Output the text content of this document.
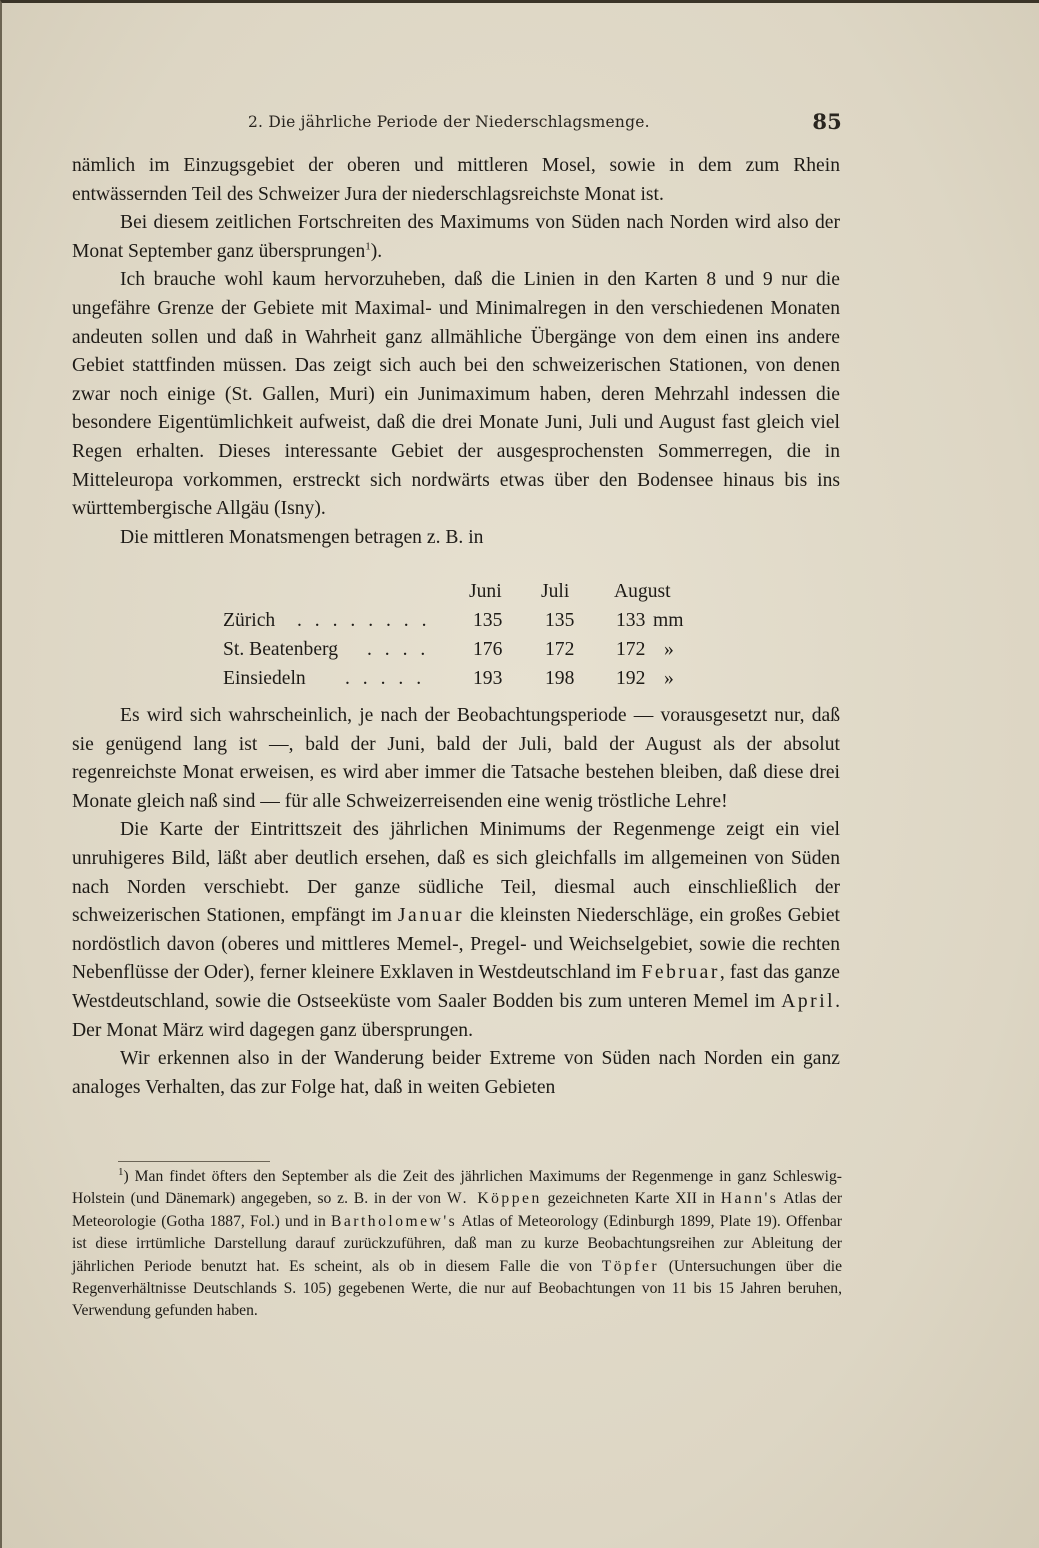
2. Die jährliche Periode der Niederschlagsmenge.	85

nämlich im Einzugsgebiet der oberen und mittleren Mosel, sowie in dem zum Rhein entwässernden Teil des Schweizer Jura der niederschlagsreichste Monat ist.

Bei diesem zeitlichen Fortschreiten des Maximums von Süden nach Norden wird also der Monat September ganz übersprungen$^1$).

Ich brauche wohl kaum hervorzuheben, daß die Linien in den Karten 8 und 9 nur die ungefähre Grenze der Gebiete mit Maximal- und Minimalregen in den verschiedenen Monaten andeuten sollen und daß in Wahrheit ganz allmähliche Übergänge von dem einen ins andere Gebiet stattfinden müssen. Das zeigt sich auch bei den schweizerischen Stationen, von denen zwar noch einige (St. Gallen, Muri) ein Junimaximum haben, deren Mehrzahl indessen die besondere Eigentümlichkeit aufweist, daß die drei Monate Juni, Juli und August fast gleich viel Regen erhalten. Dieses interessante Gebiet der ausgesprochensten Sommerregen, die in Mitteleuropa vorkommen, erstreckt sich nordwärts etwas über den Bodensee hinaus bis ins württembergische Allgäu (Isny).

Die mittleren Monatsmengen betragen z. B. in

Juni Juli August
Zürich . . . . . . . . 135 135 133 mm
St. Beatenberg . . . . 176 172 172 »
Einsiedeln . . . . . 193 198 192 »

Es wird sich wahrscheinlich, je nach der Beobachtungsperiode — vorausgesetzt nur, daß sie genügend lang ist —, bald der Juni, bald der Juli, bald der August als der absolut regenreichste Monat erweisen, es wird aber immer die Tatsache bestehen bleiben, daß diese drei Monate gleich naß sind — für alle Schweizerreisenden eine wenig tröstliche Lehre!

Die Karte der Eintrittszeit des jährlichen Minimums der Regenmenge zeigt ein viel unruhigeres Bild, läßt aber deutlich ersehen, daß es sich gleichfalls im allgemeinen von Süden nach Norden verschiebt. Der ganze südliche Teil, diesmal auch einschließlich der schweizerischen Stationen, empfängt im Januar die kleinsten Niederschläge, ein großes Gebiet nordöstlich davon (oberes und mittleres Memel-, Pregel- und Weichselgebiet, sowie die rechten Nebenflüsse der Oder), ferner kleinere Exklaven in Westdeutschland im Februar, fast das ganze Westdeutschland, sowie die Ostseeküste vom Saaler Bodden bis zum unteren Memel im April. Der Monat März wird dagegen ganz übersprungen.

Wir erkennen also in der Wanderung beider Extreme von Süden nach Norden ein ganz analoges Verhalten, das zur Folge hat, daß in weiten Gebieten

$^1$) Man findet öfters den September als die Zeit des jährlichen Maximums der Regenmenge in ganz Schleswig-Holstein (und Dänemark) angegeben, so z. B. in der von W. Köppen gezeichneten Karte XII in Hann's Atlas der Meteorologie (Gotha 1887, Fol.) und in Bartholomew's Atlas of Meteorology (Edinburgh 1899, Plate 19). Offenbar ist diese irrtümliche Darstellung darauf zurückzuführen, daß man zu kurze Beobachtungsreihen zur Ableitung der jährlichen Periode benutzt hat. Es scheint, als ob in diesem Falle die von Töpfer (Untersuchungen über die Regenverhältnisse Deutschlands S. 105) gegebenen Werte, die nur auf Beobachtungen von 11 bis 15 Jahren beruhen, Verwendung gefunden haben.
